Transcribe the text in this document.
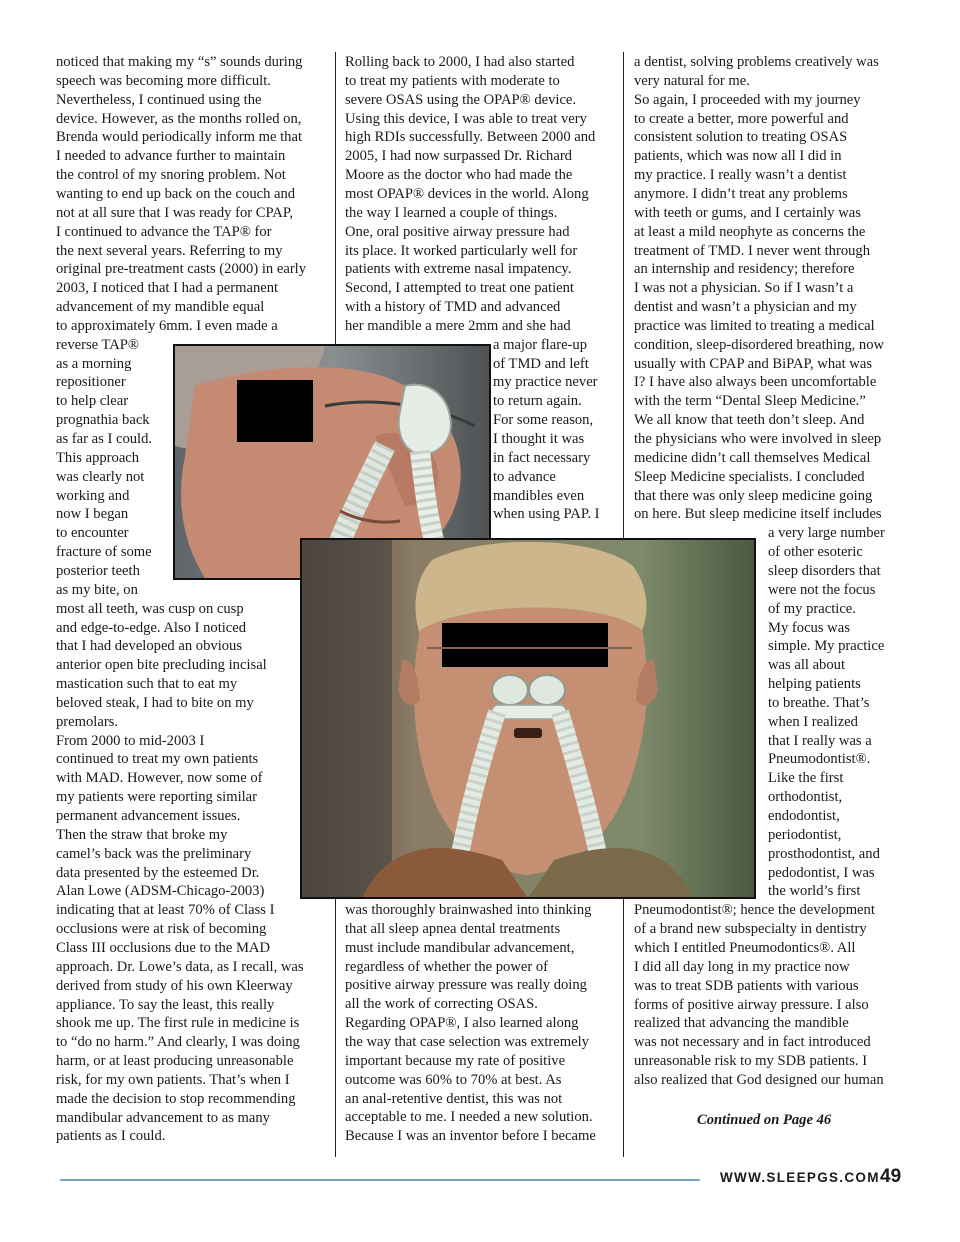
noticed that making my “s” sounds during
speech was becoming more difficult.
Nevertheless, I continued using the
device. However, as the months rolled on,
Brenda would periodically inform me that
I needed to advance further to maintain
the control of my snoring problem. Not
wanting to end up back on the couch and
not at all sure that I was ready for CPAP,
I continued to advance the TAP® for
the next several years. Referring to my
original pre-treatment casts (2000) in early
2003, I noticed that I had a permanent
advancement of my mandible equal
to approximately 6mm. I even made a
reverse TAP®
as a morning
repositioner
to help clear
prognathia back
as far as I could.
This approach
was clearly not
working and
now I began
to encounter
fracture of some
posterior teeth
as my bite, on
most all teeth, was cusp on cusp
and edge-to-edge. Also I noticed
that I had developed an obvious
anterior open bite precluding incisal
mastication such that to eat my
beloved steak, I had to bite on my
premolars.
From 2000 to mid-2003 I
continued to treat my own patients
with MAD. However, now some of
my patients were reporting similar
permanent advancement issues.
Then the straw that broke my
camel’s back was the preliminary
data presented by the esteemed Dr.
Alan Lowe (ADSM-Chicago-2003)
indicating that at least 70% of Class I
occlusions were at risk of becoming
Class III occlusions due to the MAD
approach. Dr. Lowe’s data, as I recall, was
derived from study of his own Kleerway
appliance. To say the least, this really
shook me up. The first rule in medicine is
to “do no harm.” And clearly, I was doing
harm, or at least producing unreasonable
risk, for my own patients. That’s when I
made the decision to stop recommending
mandibular advancement to as many
patients as I could.
Rolling back to 2000, I had also started
to treat my patients with moderate to
severe OSAS using the OPAP® device.
Using this device, I was able to treat very
high RDIs successfully. Between 2000 and
2005, I had now surpassed Dr. Richard
Moore as the doctor who had made the
most OPAP® devices in the world. Along
the way I learned a couple of things.
One, oral positive airway pressure had
its place. It worked particularly well for
patients with extreme nasal impatency.
Second, I attempted to treat one patient
with a history of TMD and advanced
her mandible a mere 2mm and she had
a major flare-up
of TMD and left
my practice never
to return again.
For some reason,
I thought it was
in fact necessary
to advance
mandibles even
when using PAP. I
was thoroughly brainwashed into thinking
that all sleep apnea dental treatments
must include mandibular advancement,
regardless of whether the power of
positive airway pressure was really doing
all the work of correcting OSAS.
Regarding OPAP®, I also learned along
the way that case selection was extremely
important because my rate of positive
outcome was 60% to 70% at best. As
an anal-retentive dentist, this was not
acceptable to me. I needed a new solution.
Because I was an inventor before I became
a dentist, solving problems creatively was
very natural for me.
So again, I proceeded with my journey
to create a better, more powerful and
consistent solution to treating OSAS
patients, which was now all I did in
my practice. I really wasn’t a dentist
anymore. I didn’t treat any problems
with teeth or gums, and I certainly was
at least a mild neophyte as concerns the
treatment of TMD. I never went through
an internship and residency; therefore
I was not a physician. So if I wasn’t a
dentist and wasn’t a physician and my
practice was limited to treating a medical
condition, sleep-disordered breathing, now
usually with CPAP and BiPAP, what was
I? I have also always been uncomfortable
with the term “Dental Sleep Medicine.”
We all know that teeth don’t sleep. And
the physicians who were involved in sleep
medicine didn’t call themselves Medical
Sleep Medicine specialists. I concluded
that there was only sleep medicine going
on here. But sleep medicine itself includes
a very large number
of other esoteric
sleep disorders that
were not the focus
of my practice.
My focus was
simple. My practice
was all about
helping patients
to breathe. That’s
when I realized
that I really was a
Pneumodontist®.
Like the first
orthodontist,
endodontist,
periodontist,
prosthodontist, and
pedodontist, I was
the world’s first
Pneumodontist®; hence the development
of a brand new subspecialty in dentistry
which I entitled Pneumodontics®. All
I did all day long in my practice now
was to treat SDB patients with various
forms of positive airway pressure. I also
realized that advancing the mandible
was not necessary and in fact introduced
unreasonable risk to my SDB patients. I
also realized that God designed our human
Continued on Page 46
WWW.SLEEPGS.COM 49
